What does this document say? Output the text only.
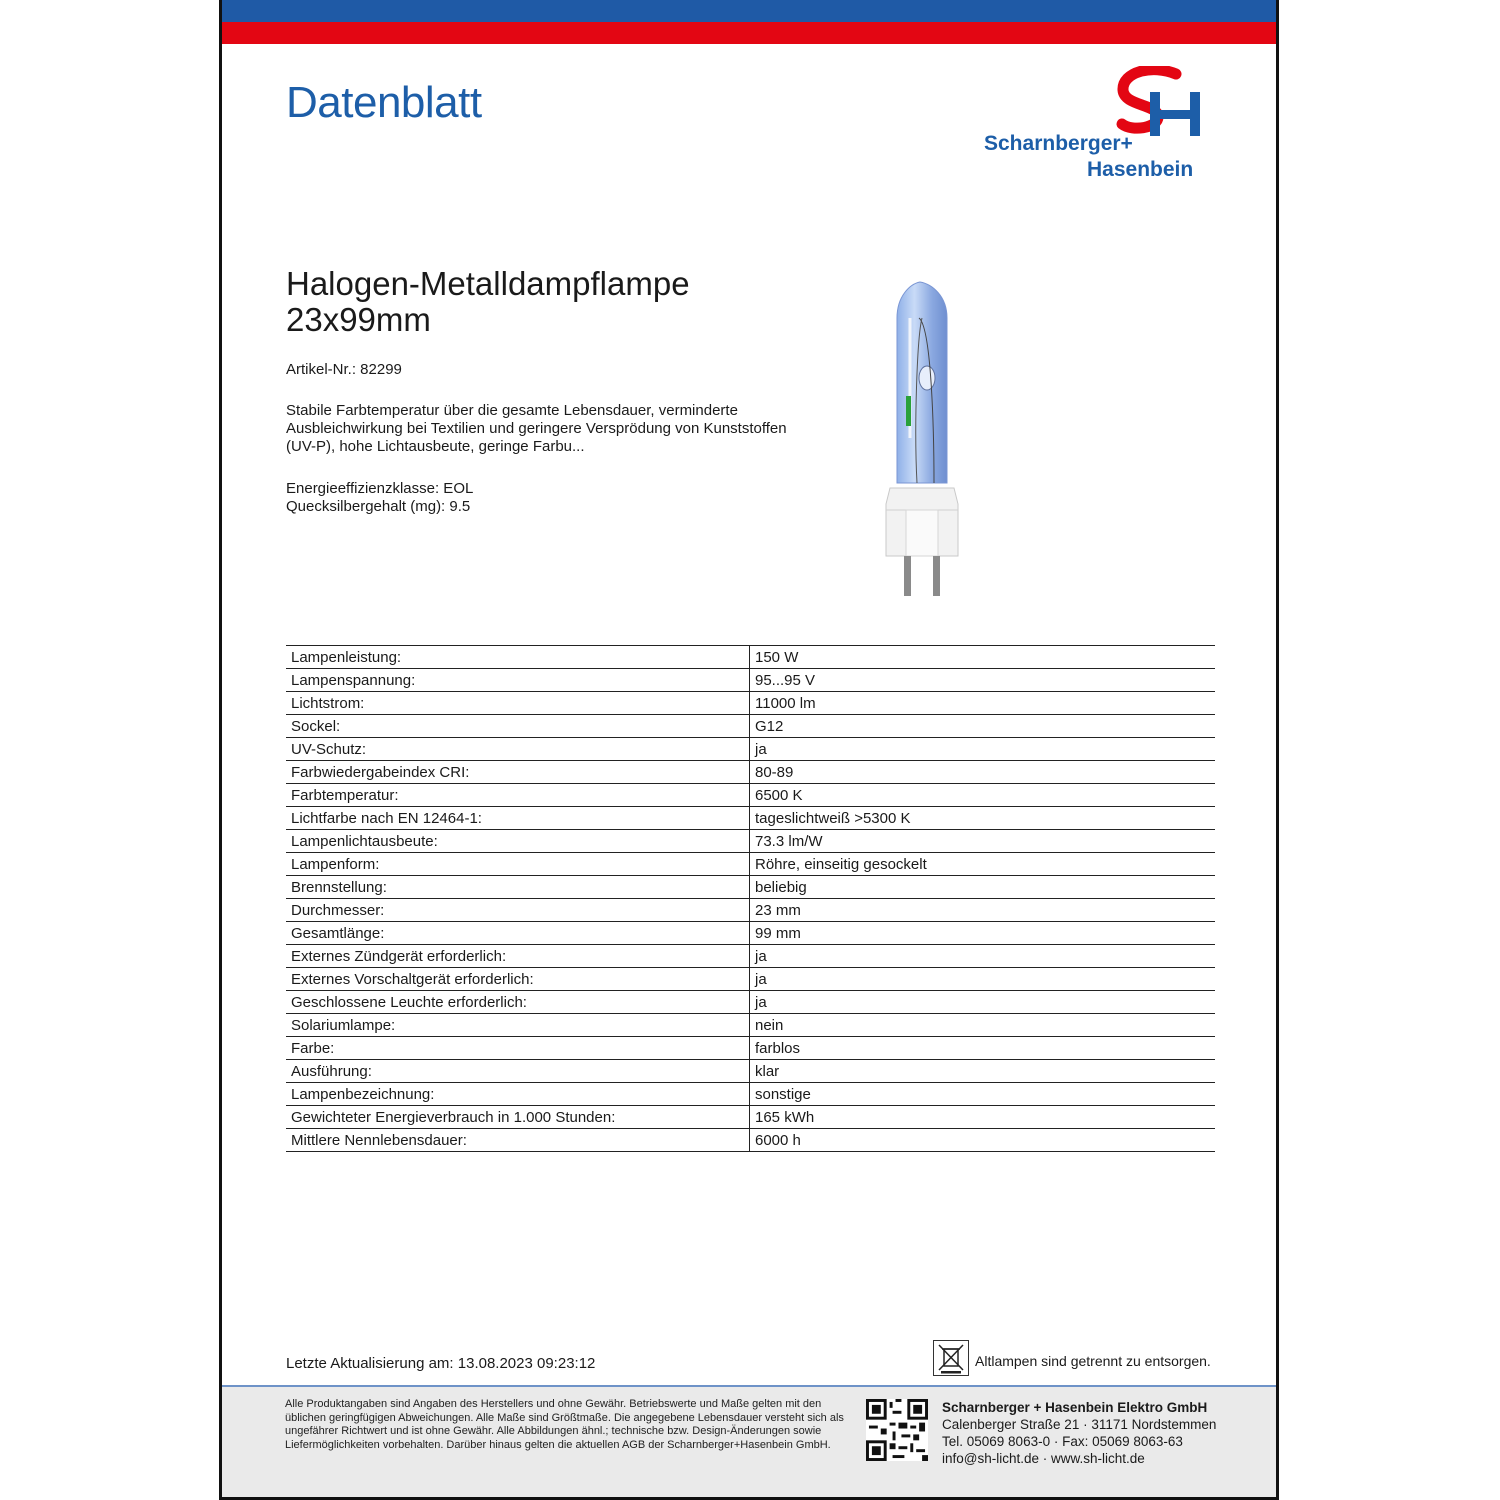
Datenblatt
Scharnberger+
Hasenbein
Halogen-Metalldampflampe
23x99mm
Artikel-Nr.: 82299
Stabile Farbtemperatur über die gesamte Lebensdauer, verminderte Ausbleichwirkung bei Textilien und geringere Versprödung von Kunststoffen (UV-P), hohe Lichtausbeute, geringe Farbu...
Energieeffizienzklasse: EOL
Quecksilbergehalt (mg): 9.5
Lampenleistung:	150 W
Lampenspannung:	95...95 V
Lichtstrom:	11000 lm
Sockel:	G12
UV-Schutz:	ja
Farbwiedergabeindex CRI:	80-89
Farbtemperatur:	6500 K
Lichtfarbe nach EN 12464-1:	tageslichtweiß >5300 K
Lampenlichtausbeute:	73.3 lm/W
Lampenform:	Röhre, einseitig gesockelt
Brennstellung:	beliebig
Durchmesser:	23 mm
Gesamtlänge:	99 mm
Externes Zündgerät erforderlich:	ja
Externes Vorschaltgerät erforderlich:	ja
Geschlossene Leuchte erforderlich:	ja
Solariumlampe:	nein
Farbe:	farblos
Ausführung:	klar
Lampenbezeichnung:	sonstige
Gewichteter Energieverbrauch in 1.000 Stunden:	165 kWh
Mittlere Nennlebensdauer:	6000 h
Letzte Aktualisierung am: 13.08.2023 09:23:12	Altlampen sind getrennt zu entsorgen.
Alle Produktangaben sind Angaben des Herstellers und ohne Gewähr. Betriebswerte und Maße gelten mit den üblichen geringfügigen Abweichungen. Alle Maße sind Größtmaße. Die angegebene Lebensdauer versteht sich als ungefährer Richtwert und ist ohne Gewähr. Alle Abbildungen ähnl.; technische bzw. Design-Änderungen sowie Liefermöglichkeiten vorbehalten. Darüber hinaus gelten die aktuellen AGB der Scharnberger+Hasenbein GmbH.
Scharnberger + Hasenbein Elektro GmbH
Calenberger Straße 21 · 31171 Nordstemmen
Tel. 05069 8063-0 · Fax: 05069 8063-63
info@sh-licht.de · www.sh-licht.de
